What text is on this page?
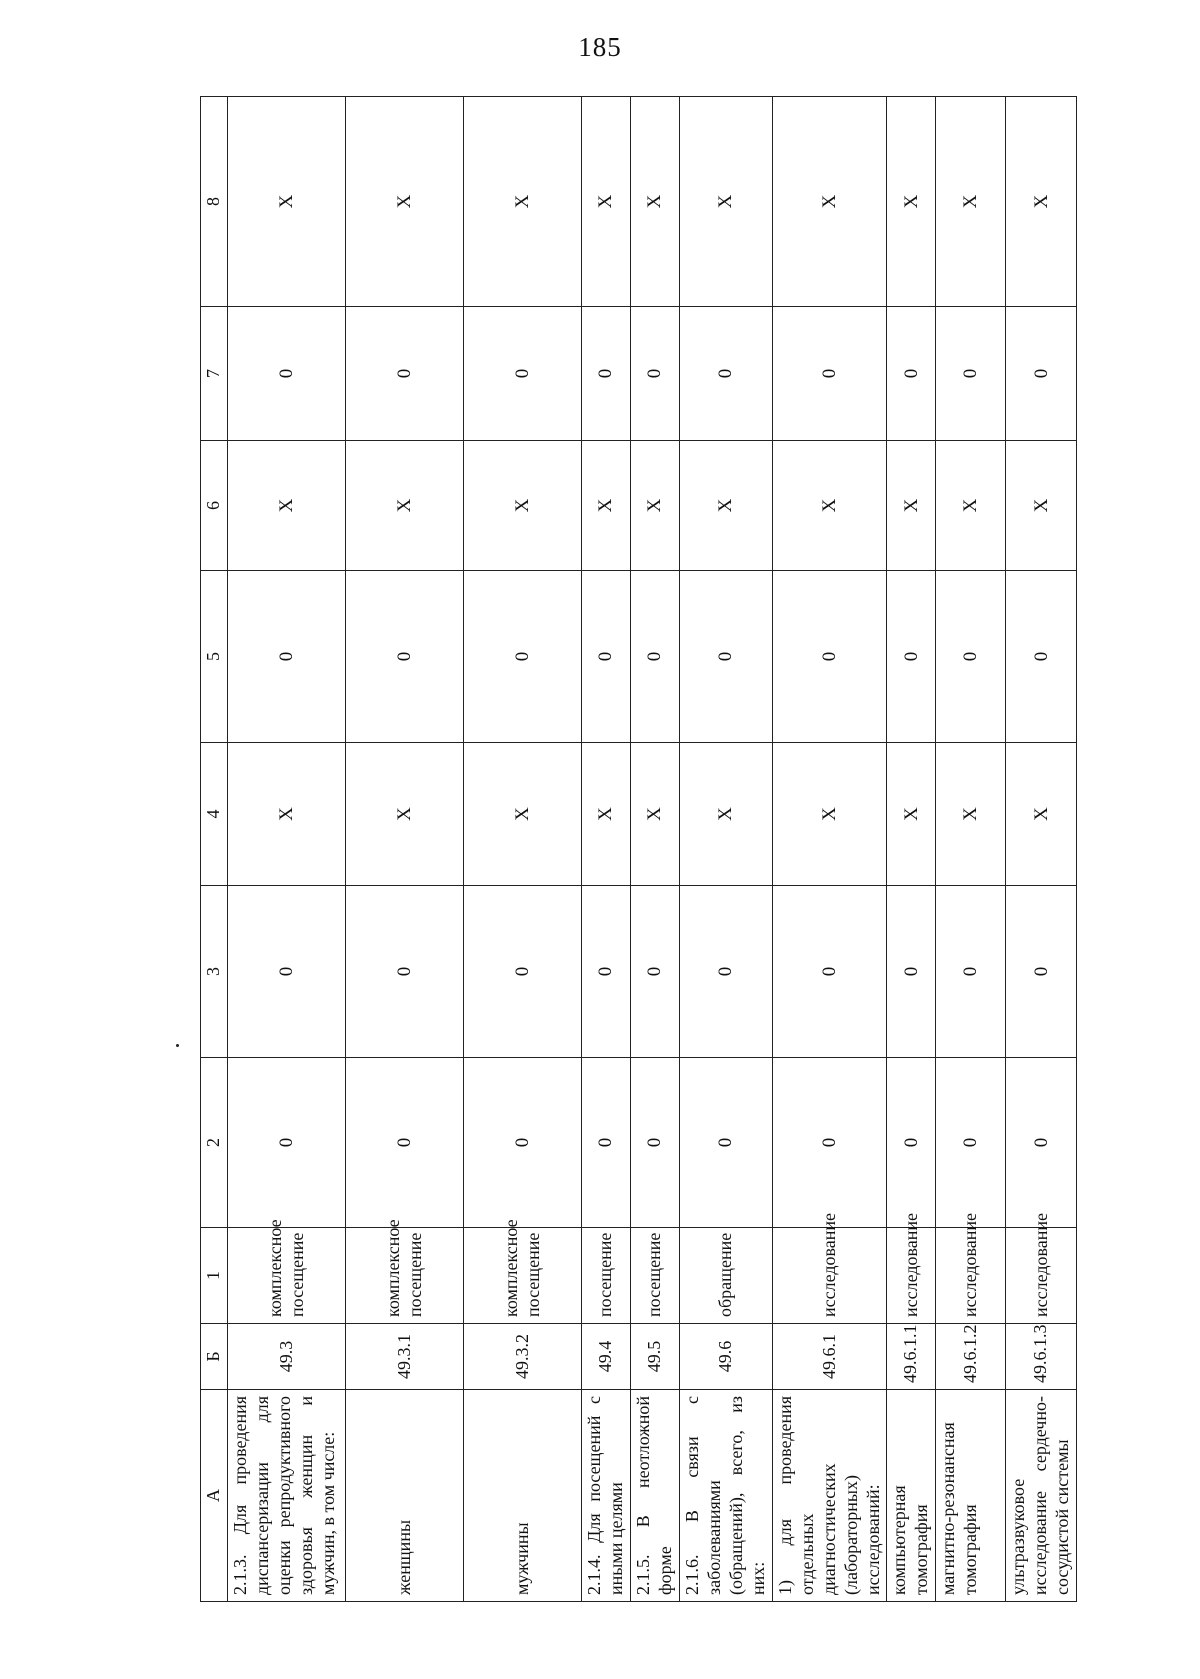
185
А	Б	1	2	3	4	5	6	7	8
2.1.3. Для проведения диспансеризации для оценки репродуктивного здоровья женщин и мужчин, в том числе:	49.3	комплексное посещение	0	0	X	0	X	0	X
женщины	49.3.1	комплексное посещение	0	0	X	0	X	0	X
мужчины	49.3.2	комплексное посещение	0	0	X	0	X	0	X
2.1.4. Для посещений с иными целями	49.4	посещение	0	0	X	0	X	0	X
2.1.5. В неотложной форме	49.5	посещение	0	0	X	0	X	0	X
2.1.6. В связи с заболеваниями (обращений), всего, из них:	49.6	обращение	0	0	X	0	X	0	X
1) для проведения отдельных диагностических (лабораторных) исследований:	49.6.1	исследование	0	0	X	0	X	0	X
компьютерная томография	49.6.1.1	исследование	0	0	X	0	X	0	X
магнитно-резонансная томография	49.6.1.2	исследование	0	0	X	0	X	0	X
ультразвуковое исследование сердечно-сосудистой системы	49.6.1.3	исследование	0	0	X	0	X	0	X
